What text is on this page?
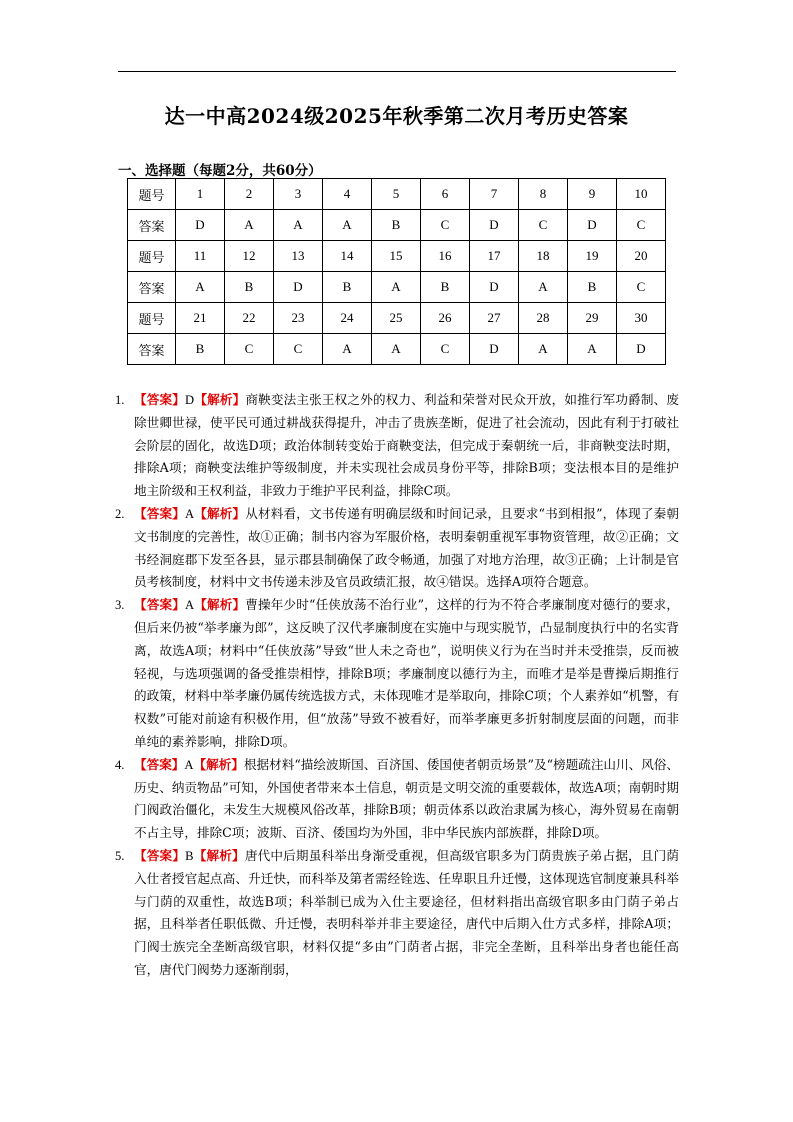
达一中高2024级2025年秋季第二次月考历史答案
一、选择题（每题2分，共60分）
题号	1	2	3	4	5	6	7	8	9	10
答案	D	A	A	A	B	C	D	C	D	C
题号	11	12	13	14	15	16	17	18	19	20
答案	A	B	D	B	A	B	D	A	B	C
题号	21	22	23	24	25	26	27	28	29	30
答案	B	C	C	A	A	C	D	A	A	D
1. 【答案】D【解析】商鞅变法主张王权之外的权力、利益和荣誉对民众开放，如推行军功爵制、废除世卿世禄，使平民可通过耕战获得提升，冲击了贵族垄断，促进了社会流动，因此有利于打破社会阶层的固化，故选D项；政治体制转变始于商鞅变法，但完成于秦朝统一后，非商鞅变法时期，排除A项；商鞅变法维护等级制度，并未实现社会成员身份平等，排除B项；变法根本目的是维护地主阶级和王权利益，非致力于维护平民利益，排除C项。
2. 【答案】A【解析】从材料看，文书传递有明确层级和时间记录，且要求“书到相报”，体现了秦朝文书制度的完善性，故①正确；制书内容为军服价格，表明秦朝重视军事物资管理，故②正确；文书经洞庭郡下发至各县，显示郡县制确保了政令畅通，加强了对地方治理，故③正确；上计制是官员考核制度，材料中文书传递未涉及官员政绩汇报，故④错误。选择A项符合题意。
3. 【答案】A【解析】曹操年少时“任侠放荡不治行业”，这样的行为不符合孝廉制度对德行的要求，但后来仍被“举孝廉为郎”，这反映了汉代孝廉制度在实施中与现实脱节，凸显制度执行中的名实背离，故选A项；材料中“任侠放荡”导致“世人未之奇也”，说明侠义行为在当时并未受推崇，反而被轻视，与选项强调的备受推崇相悖，排除B项；孝廉制度以德行为主，而唯才是举是曹操后期推行的政策，材料中举孝廉仍属传统选拔方式，未体现唯才是举取向，排除C项；个人素养如“机警，有权数”可能对前途有积极作用，但“放荡”导致不被看好，而举孝廉更多折射制度层面的问题，而非单纯的素养影响，排除D项。
4. 【答案】A【解析】根据材料“描绘波斯国、百济国、倭国使者朝贡场景”及“榜题疏注山川、风俗、历史、纳贡物品”可知，外国使者带来本土信息，朝贡是文明交流的重要载体，故选A项；南朝时期门阀政治僵化，未发生大规模风俗改革，排除B项；朝贡体系以政治隶属为核心，海外贸易在南朝不占主导，排除C项；波斯、百济、倭国均为外国，非中华民族内部族群，排除D项。
5. 【答案】B【解析】唐代中后期虽科举出身渐受重视，但高级官职多为门荫贵族子弟占据，且门荫入仕者授官起点高、升迁快，而科举及第者需经铨选、任卑职且升迁慢，这体现选官制度兼具科举与门荫的双重性，故选B项；科举制已成为入仕主要途径，但材料指出高级官职多由门荫子弟占据，且科举者任职低微、升迁慢，表明科举并非主要途径，唐代中后期入仕方式多样，排除A项；门阀士族完全垄断高级官职，材料仅提“多由”门荫者占据，非完全垄断，且科举出身者也能任高官，唐代门阀势力逐渐削弱，
